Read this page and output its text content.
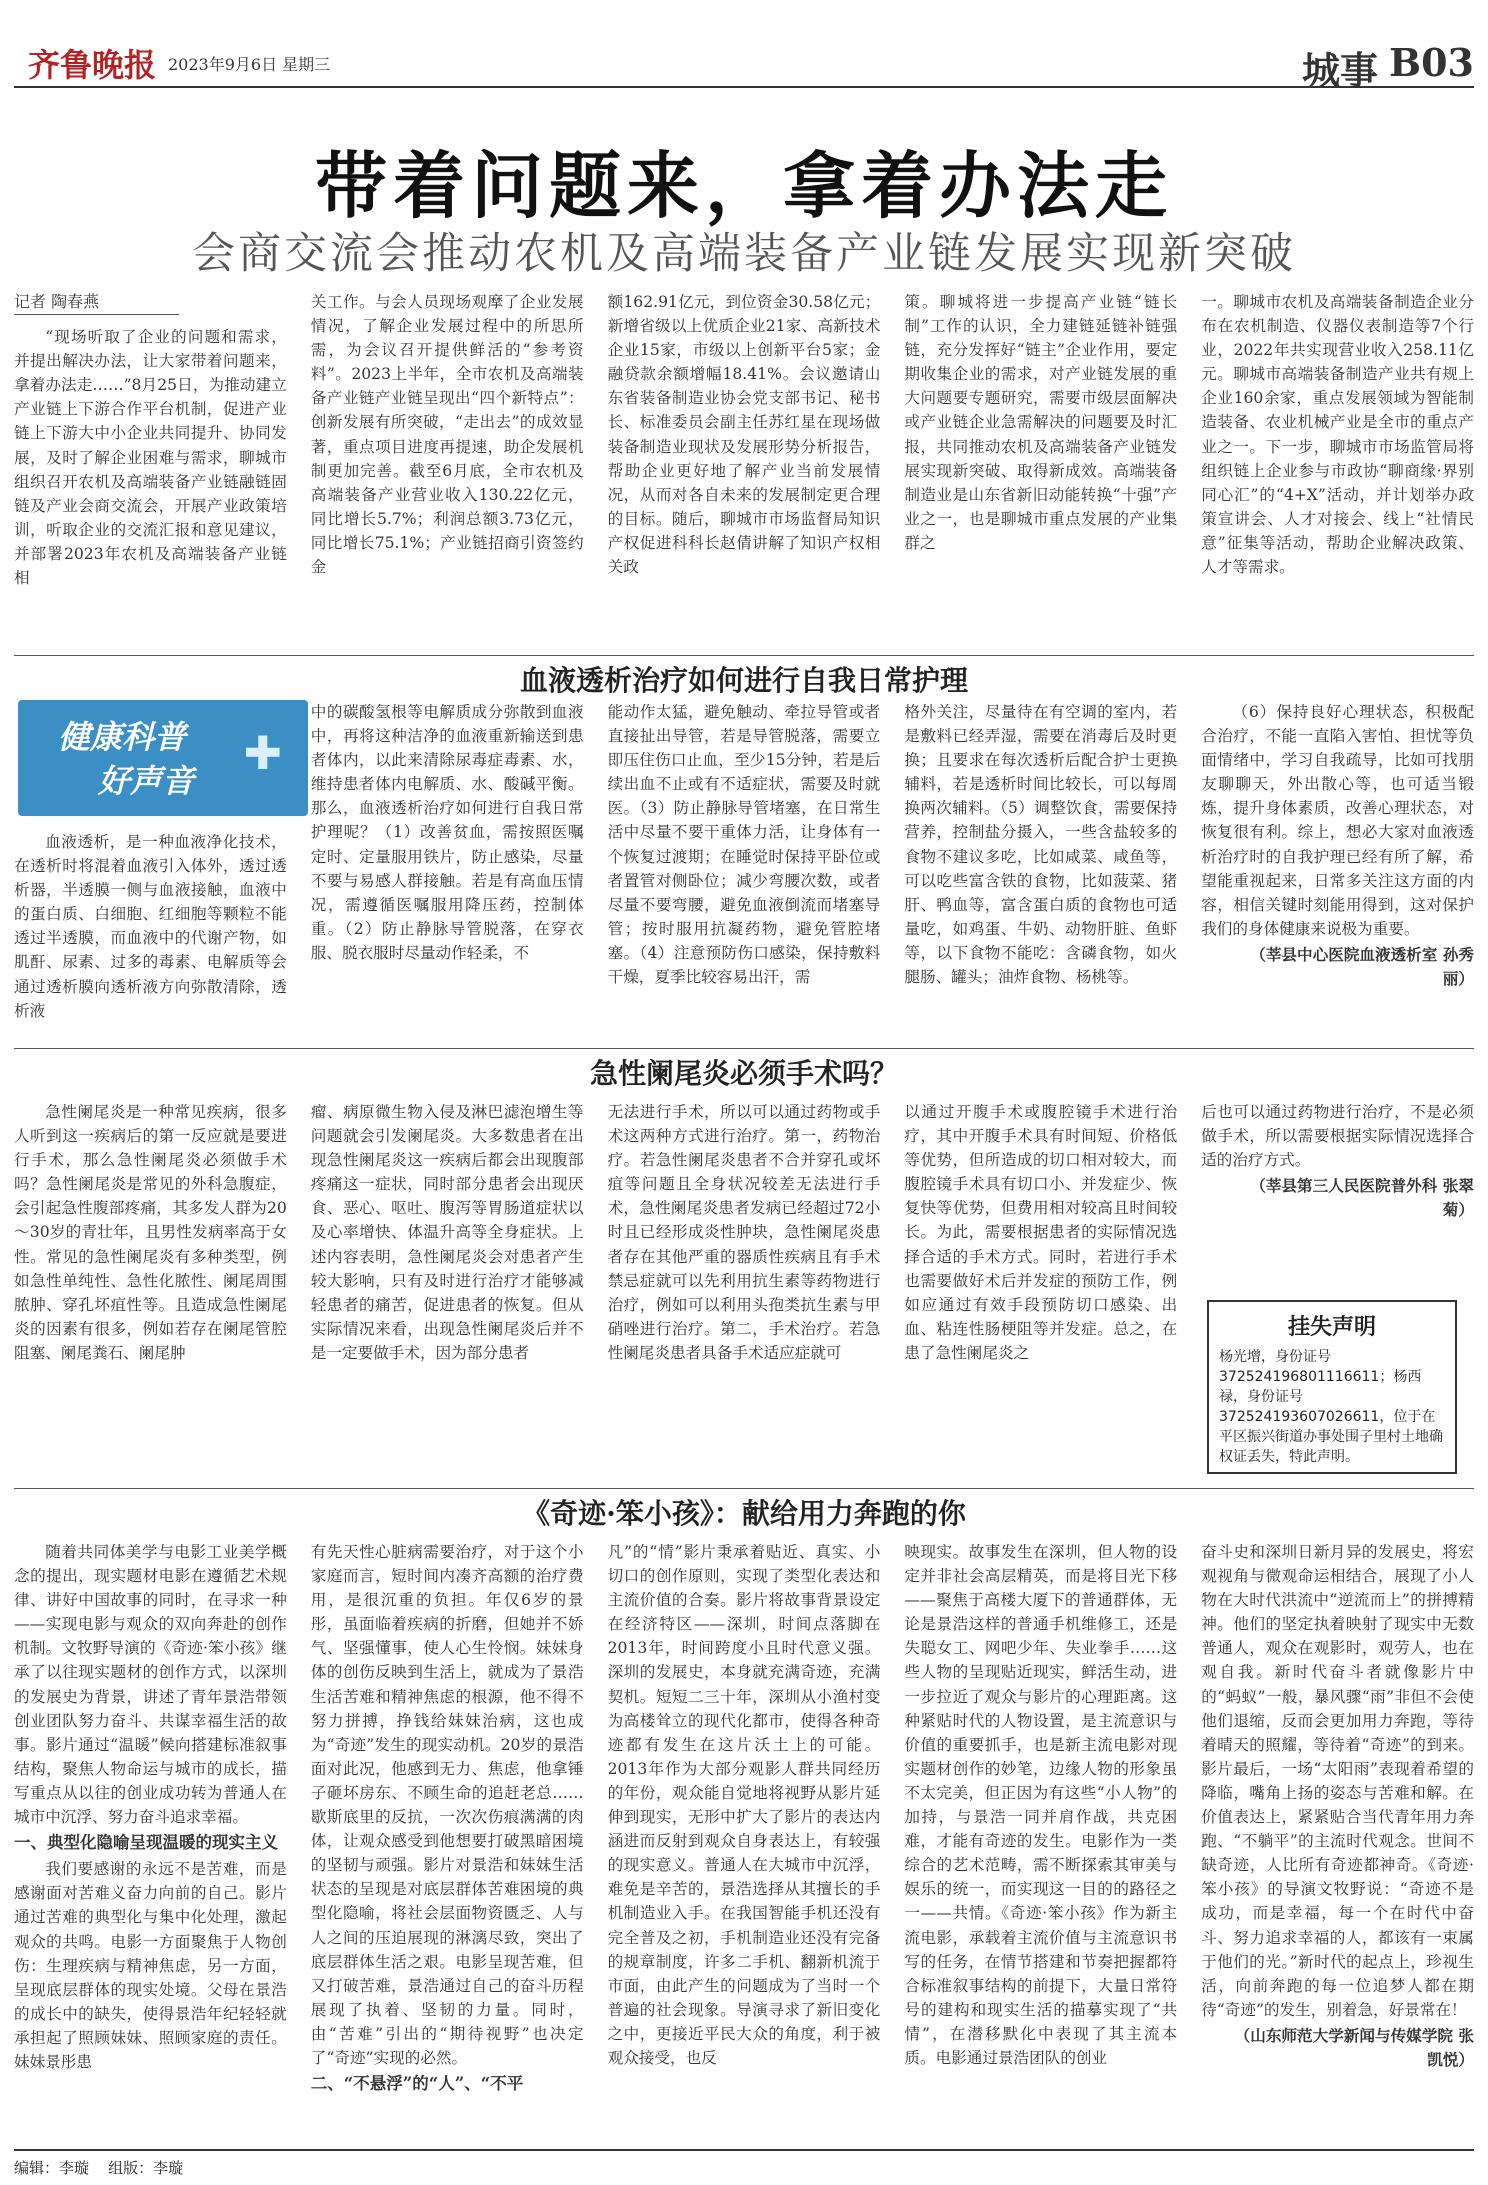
齐鲁晚报 2023年9月6日 星期三	城事 B03
带着问题来，拿着办法走
会商交流会推动农机及高端装备产业链发展实现新突破
记者 陶春燕

“现场听取了企业的问题和需求，并提出解决办法，让大家带着问题来，拿着办法走……”8月25日，为推动建立产业链上下游合作平台机制，促进产业链上下游大中小企业共同提升、协同发展，及时了解企业困难与需求，聊城市组织召开农机及高端装备产业链融链固链及产业会商交流会，开展产业政策培训，听取企业的交流汇报和意见建议，并部署2023年农机及高端装备产业链相

关工作。与会人员现场观摩了企业发展情况，了解企业发展过程中的所思所需，为会议召开提供鲜活的“参考资料”。2023上半年，全市农机及高端装备产业链产业链呈现出“四个新特点”：创新发展有所突破，“走出去”的成效显著，重点项目进度再提速，助企发展机制更加完善。截至6月底，全市农机及高端装备产业营业收入130.22亿元，同比增长5.7%；利润总额3.73亿元，同比增长75.1%；产业链招商引资签约金

额162.91亿元，到位资金30.58亿元；新增省级以上优质企业21家、高新技术企业15家，市级以上创新平台5家；金融贷款余额增幅18.41%。会议邀请山东省装备制造业协会党支部书记、秘书长、标准委员会副主任苏红星在现场做装备制造业现状及发展形势分析报告，帮助企业更好地了解产业当前发展情况，从而对各自未来的发展制定更合理的目标。随后，聊城市市场监督局知识产权促进科科长赵倩讲解了知识产权相关政

策。聊城将进一步提高产业链“链长制”工作的认识，全力建链延链补链强链，充分发挥好“链主”企业作用，要定期收集企业的需求，对产业链发展的重大问题要专题研究，需要市级层面解决或产业链企业急需解决的问题要及时汇报，共同推动农机及高端装备产业链发展实现新突破、取得新成效。高端装备制造业是山东省新旧动能转换“十强”产业之一，也是聊城市重点发展的产业集群之

一。聊城市农机及高端装备制造企业分布在农机制造、仪器仪表制造等7个行业，2022年共实现营业收入258.11亿元。聊城市高端装备制造产业共有规上企业160余家，重点发展领域为智能制造装备、农业机械产业是全市的重点产业之一。下一步，聊城市市场监管局将组织链上企业参与市政协“聊商缘·界别同心汇”的“4+X”活动，并计划举办政策宣讲会、人才对接会、线上“社情民意”征集等活动，帮助企业解决政策、人才等需求。

血液透析治疗如何进行自我日常护理
健康科普
好声音
✚

血液透析，是一种血液净化技术，在透析时将混着血液引入体外，透过透析器，半透膜一侧与血液接触，血液中的蛋白质、白细胞、红细胞等颗粒不能透过半透膜，而血液中的代谢产物，如肌酐、尿素、过多的毒素、电解质等会通过透析膜向透析液方向弥散清除，透析液

中的碳酸氢根等电解质成分弥散到血液中，再将这种洁净的血液重新输送到患者体内，以此来清除尿毒症毒素、水，维持患者体内电解质、水、酸碱平衡。那么，血液透析治疗如何进行自我日常护理呢？（1）改善贫血，需按照医嘱定时、定量服用铁片，防止感染，尽量不要与易感人群接触。若是有高血压情况，需遵循医嘱服用降压药，控制体重。（2）防止静脉导管脱落，在穿衣服、脱衣服时尽量动作轻柔，不

能动作太猛，避免触动、牵拉导管或者直接扯出导管，若是导管脱落，需要立即压住伤口止血，至少15分钟，若是后续出血不止或有不适症状，需要及时就医。（3）防止静脉导管堵塞，在日常生活中尽量不要干重体力活，让身体有一个恢复过渡期；在睡觉时保持平卧位或者置管对侧卧位；减少弯腰次数，或者尽量不要弯腰，避免血液倒流而堵塞导管；按时服用抗凝药物，避免管腔堵塞。（4）注意预防伤口感染，保持敷料干燥，夏季比较容易出汗，需

格外关注，尽量待在有空调的室内，若是敷料已经弄湿，需要在消毒后及时更换；且要求在每次透析后配合护士更换辅料，若是透析时间比较长，可以每周换两次辅料。（5）调整饮食，需要保持营养，控制盐分摄入，一些含盐较多的食物不建议多吃，比如咸菜、咸鱼等，可以吃些富含铁的食物，比如菠菜、猪肝、鸭血等，富含蛋白质的食物也可适量吃，如鸡蛋、牛奶、动物肝脏、鱼虾等，以下食物不能吃：含磷食物，如火腿肠、罐头；油炸食物、杨桃等。

（6）保持良好心理状态，积极配合治疗，不能一直陷入害怕、担忧等负面情绪中，学习自我疏导，比如可找朋友聊聊天，外出散心等，也可适当锻炼，提升身体素质，改善心理状态，对恢复很有利。综上，想必大家对血液透析治疗时的自我护理已经有所了解，希望能重视起来，日常多关注这方面的内容，相信关键时刻能用得到，这对保护我们的身体健康来说极为重要。

（莘县中心医院血液透析室 孙秀丽）

急性阑尾炎必须手术吗？

急性阑尾炎是一种常见疾病，很多人听到这一疾病后的第一反应就是要进行手术，那么急性阑尾炎必须做手术吗？急性阑尾炎是常见的外科急腹症，会引起急性腹部疼痛，其多发人群为20～30岁的青壮年，且男性发病率高于女性。常见的急性阑尾炎有多种类型，例如急性单纯性、急性化脓性、阑尾周围脓肿、穿孔坏疽性等。且造成急性阑尾炎的因素有很多，例如若存在阑尾管腔阻塞、阑尾粪石、阑尾肿

瘤、病原微生物入侵及淋巴滤泡增生等问题就会引发阑尾炎。大多数患者在出现急性阑尾炎这一疾病后都会出现腹部疼痛这一症状，同时部分患者会出现厌食、恶心、呕吐、腹泻等胃肠道症状以及心率增快、体温升高等全身症状。上述内容表明，急性阑尾炎会对患者产生较大影响，只有及时进行治疗才能够减轻患者的痛苦，促进患者的恢复。但从实际情况来看，出现急性阑尾炎后并不是一定要做手术，因为部分患者

无法进行手术，所以可以通过药物或手术这两种方式进行治疗。第一，药物治疗。若急性阑尾炎患者不合并穿孔或坏疽等问题且全身状况较差无法进行手术，急性阑尾炎患者发病已经超过72小时且已经形成炎性肿块，急性阑尾炎患者存在其他严重的器质性疾病且有手术禁忌症就可以先利用抗生素等药物进行治疗，例如可以利用头孢类抗生素与甲硝唑进行治疗。第二，手术治疗。若急性阑尾炎患者具备手术适应症就可

以通过开腹手术或腹腔镜手术进行治疗，其中开腹手术具有时间短、价格低等优势，但所造成的切口相对较大，而腹腔镜手术具有切口小、并发症少、恢复快等优势，但费用相对较高且时间较长。为此，需要根据患者的实际情况选择合适的手术方式。同时，若进行手术也需要做好术后并发症的预防工作，例如应通过有效手段预防切口感染、出血、粘连性肠梗阻等并发症。总之，在患了急性阑尾炎之

后也可以通过药物进行治疗，不是必须做手术，所以需要根据实际情况选择合适的治疗方式。

（莘县第三人民医院普外科 张翠菊）

挂失声明
杨光增，身份证号372524196801116611；杨西禄，身份证号372524193607026611，位于在平区振兴街道办事处围子里村土地确权证丢失，特此声明。
《奇迹·笨小孩》：献给用力奔跑的你

随着共同体美学与电影工业美学概念的提出，现实题材电影在遵循艺术规律、讲好中国故事的同时，在寻求一种——实现电影与观众的双向奔赴的创作机制。文牧野导演的《奇迹·笨小孩》继承了以往现实题材的创作方式，以深圳的发展史为背景，讲述了青年景浩带领创业团队努力奋斗、共谋幸福生活的故事。影片通过“温暖”候向搭建标准叙事结构，聚焦人物命运与城市的成长，描写重点从以往的创业成功转为普通人在城市中沉浮、努力奋斗追求幸福。

一、典型化隐喻呈现温暖的现实主义

我们要感谢的永远不是苦难，而是感谢面对苦难义奋力向前的自己。影片通过苦难的典型化与集中化处理，激起观众的共鸣。电影一方面聚焦于人物创伤：生理疾病与精神焦虑，另一方面，呈现底层群体的现实处境。父母在景浩的成长中的缺失，使得景浩年纪轻轻就承担起了照顾妹妹、照顾家庭的责任。妹妹景彤患

有先天性心脏病需要治疗，对于这个小家庭而言，短时间内凑齐高额的治疗费用，是很沉重的负担。年仅6岁的景彤，虽面临着疾病的折磨，但她并不娇气、坚强懂事，使人心生怜悯。妹妹身体的创伤反映到生活上，就成为了景浩生活苦难和精神焦虑的根源，他不得不努力拼搏，挣钱给妹妹治病，这也成为“奇迹”发生的现实动机。20岁的景浩面对此况，他感到无力、焦虑，他拿锤子砸坏房东、不顾生命的追赶老总……歇斯底里的反抗，一次次伤痕满满的肉体，让观众感受到他想要打破黑暗困境的坚韧与顽强。影片对景浩和妹妹生活状态的呈现是对底层群体苦难困境的典型化隐喻，将社会层面物资匮乏、人与人之间的压迫展现的淋漓尽致，突出了底层群体生活之艰。电影呈现苦难，但又打破苦难，景浩通过自己的奋斗历程展现了执着、坚韧的力量。同时，由“苦难”引出的“期待视野”也决定了“奇迹”实现的必然。

二、“不悬浮”的“人”、“不平

凡”的“情”影片秉承着贴近、真实、小切口的创作原则，实现了类型化表达和主流价值的合奏。影片将故事背景设定在经济特区——深圳，时间点落脚在2013年，时间跨度小且时代意义强。深圳的发展史，本身就充满奇迹，充满契机。短短二三十年，深圳从小渔村变为高楼耸立的现代化都市，使得各种奇迹都有发生在这片沃土上的可能。2013年作为大部分观影人群共同经历的年份，观众能自觉地将视野从影片延伸到现实，无形中扩大了影片的表达内涵进而反射到观众自身表达上，有较强的现实意义。普通人在大城市中沉浮，难免是辛苦的，景浩选择从其擅长的手机制造业入手。在我国智能手机还没有完全普及之初，手机制造业还没有完备的规章制度，许多二手机、翻新机流于市面，由此产生的问题成为了当时一个普遍的社会现象。导演寻求了新旧变化之中，更接近平民大众的角度，利于被观众接受，也反

映现实。故事发生在深圳，但人物的设定并非社会高层精英，而是将目光下移——聚焦于高楼大厦下的普通群体，无论是景浩这样的普通手机维修工，还是失聪女工、网吧少年、失业拳手……这些人物的呈现贴近现实，鲜活生动，进一步拉近了观众与影片的心理距离。这种紧贴时代的人物设置，是主流意识与价值的重要抓手，也是新主流电影对现实题材创作的妙笔，边缘人物的形象虽不太完美，但正因为有这些“小人物”的加持，与景浩一同并肩作战，共克困难，才能有奇迹的发生。电影作为一类综合的艺术范畴，需不断探索其审美与娱乐的统一，而实现这一目的的路径之一——共情。《奇迹·笨小孩》作为新主流电影，承载着主流价值与主流意识书写的任务，在情节搭建和节奏把握都符合标准叙事结构的前提下，大量日常符号的建构和现实生活的描摹实现了“共情”，在潜移默化中表现了其主流本质。电影通过景浩团队的创业

奋斗史和深圳日新月异的发展史，将宏观视角与微观命运相结合，展现了小人物在大时代洪流中“逆流而上”的拼搏精神。他们的坚定执着映射了现实中无数普通人，观众在观影时，观劳人，也在观自我。新时代奋斗者就像影片中的“蚂蚁”一般，暴风骤“雨”非但不会使他们退缩，反而会更加用力奔跑，等待着晴天的照耀，等待着“奇迹”的到来。影片最后，一场“太阳雨”表现着希望的降临，嘴角上扬的姿态与苦难和解。在价值表达上，紧紧贴合当代青年用力奔跑、“不躺平”的主流时代观念。世间不缺奇迹，人比所有奇迹都神奇。《奇迹·笨小孩》的导演文牧野说：“奇迹不是成功，而是幸福，每一个在时代中奋斗、努力追求幸福的人，都该有一束属于他们的光。”新时代的起点上，珍视生活，向前奔跑的每一位追梦人都在期待“奇迹”的发生，别着急，好景常在！

（山东师范大学新闻与传媒学院 张凯悦）

编辑：李璇 组版：李璇
